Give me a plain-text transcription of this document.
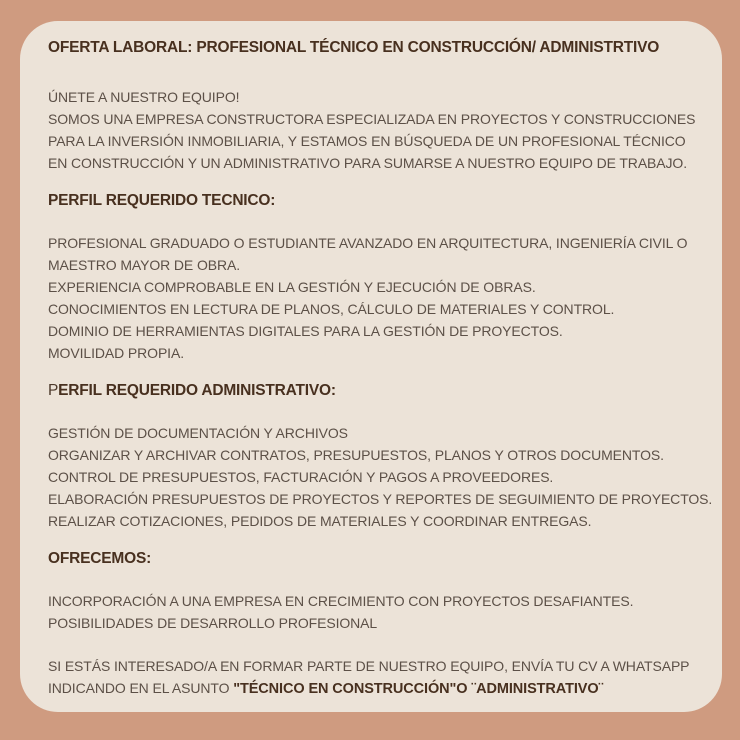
OFERTA LABORAL: PROFESIONAL TÉCNICO EN CONSTRUCCIÓN/ ADMINISTRTIVO

ÚNETE A NUESTRO EQUIPO!
SOMOS UNA EMPRESA CONSTRUCTORA ESPECIALIZADA EN PROYECTOS Y CONSTRUCCIONES
PARA LA INVERSIÓN INMOBILIARIA, Y ESTAMOS EN BÚSQUEDA DE UN PROFESIONAL TÉCNICO
EN CONSTRUCCIÓN Y UN ADMINISTRATIVO PARA SUMARSE A NUESTRO EQUIPO DE TRABAJO.

PERFIL REQUERIDO TECNICO:

PROFESIONAL GRADUADO O ESTUDIANTE AVANZADO EN ARQUITECTURA, INGENIERÍA CIVIL O
MAESTRO MAYOR DE OBRA.
EXPERIENCIA COMPROBABLE EN LA GESTIÓN Y EJECUCIÓN DE OBRAS.
CONOCIMIENTOS EN LECTURA DE PLANOS, CÁLCULO DE MATERIALES Y CONTROL.
DOMINIO DE HERRAMIENTAS DIGITALES PARA LA GESTIÓN DE PROYECTOS.
MOVILIDAD PROPIA.

PERFIL REQUERIDO ADMINISTRATIVO:

GESTIÓN DE DOCUMENTACIÓN Y ARCHIVOS
ORGANIZAR Y ARCHIVAR CONTRATOS, PRESUPUESTOS, PLANOS Y OTROS DOCUMENTOS.
CONTROL DE PRESUPUESTOS, FACTURACIÓN Y PAGOS A PROVEEDORES.
ELABORACIÓN PRESUPUESTOS DE PROYECTOS Y REPORTES DE SEGUIMIENTO DE PROYECTOS.
REALIZAR COTIZACIONES, PEDIDOS DE MATERIALES Y COORDINAR ENTREGAS.

OFRECEMOS:

INCORPORACIÓN A UNA EMPRESA EN CRECIMIENTO CON PROYECTOS DESAFIANTES.
POSIBILIDADES DE DESARROLLO PROFESIONAL
SI ESTÁS INTERESADO/A EN FORMAR PARTE DE NUESTRO EQUIPO, ENVÍA TU CV A WHATSAPP
INDICANDO EN EL ASUNTO "TÉCNICO EN CONSTRUCCIÓN"O ¨ADMINISTRATIVO¨
